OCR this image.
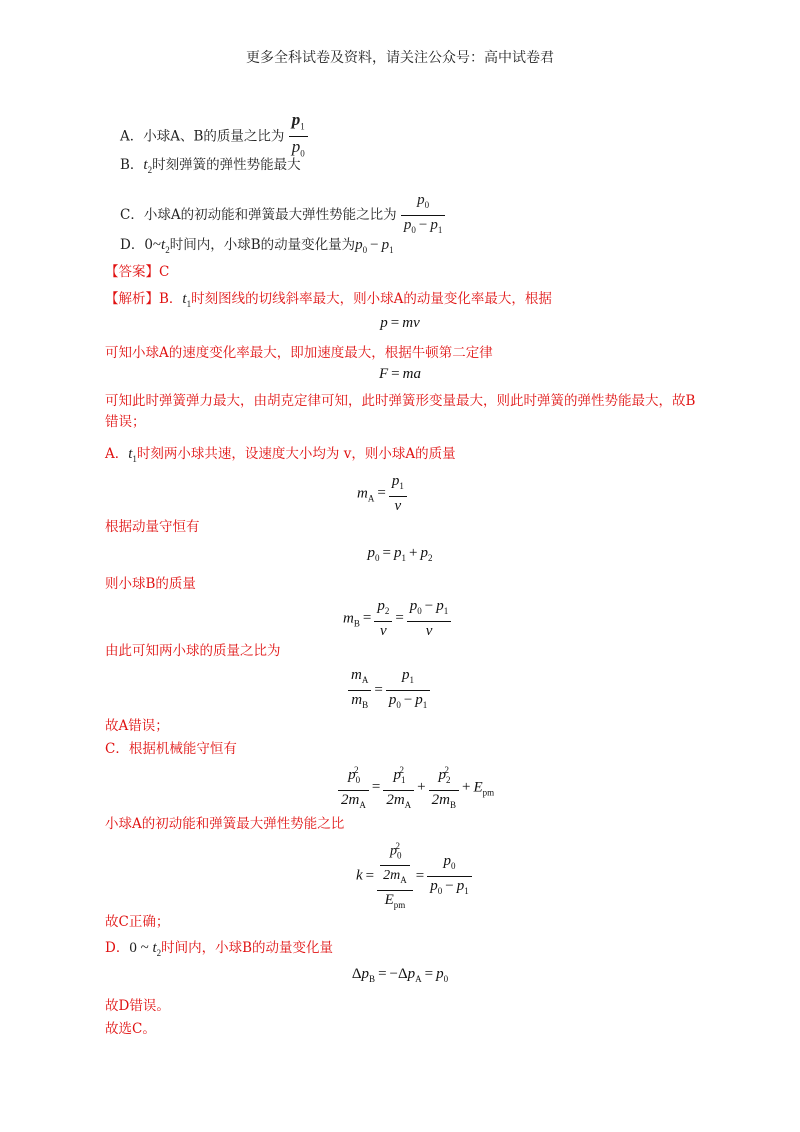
更多全科试卷及资料，请关注公众号：高中试卷君
A．小球A、B的质量之比为 $\frac{p_1}{p_0}$
B．$t_2$时刻弹簧的弹性势能最大
C．小球A的初动能和弹簧最大弹性势能之比为 $\frac{p_0}{p_0 - p_1}$
D．$0\sim t_2$时间内，小球B的动量变化量为$p_0 - p_1$
【答案】C
【解析】B．$t_1$时刻图线的切线斜率最大，则小球A的动量变化率最大，根据
p = mv
可知小球A的速度变化率最大，即加速度最大，根据牛顿第二定律
F = ma
可知此时弹簧弹力最大，由胡克定律可知，此时弹簧形变量最大，则此时弹簧的弹性势能最大，故B
错误；
A．$t_1$时刻两小球共速，设速度大小均为 v，则小球A的质量
$m_A = \frac{p_1}{v}$
根据动量守恒有
$p_0 = p_1 + p_2$
则小球B的质量
$m_B = \frac{p_2}{v} = \frac{p_0 - p_1}{v}$
由此可知两小球的质量之比为
$\frac{m_A}{m_B} = \frac{p_1}{p_0 - p_1}$
故A错误；
C．根据机械能守恒有
$\frac{p_0^2}{2m_A} = \frac{p_1^2}{2m_A} + \frac{p_2^2}{2m_B} + E_{pm}$
小球A的初动能和弹簧最大弹性势能之比
$k = \frac{\frac{p_0^2}{2m_A}}{E_{pm}} = \frac{p_0}{p_0 - p_1}$
故C正确；
D．0 ~ $t_2$时间内，小球B的动量变化量
$\Delta p_B = -\Delta p_A = p_0$
故D错误。
故选C。
